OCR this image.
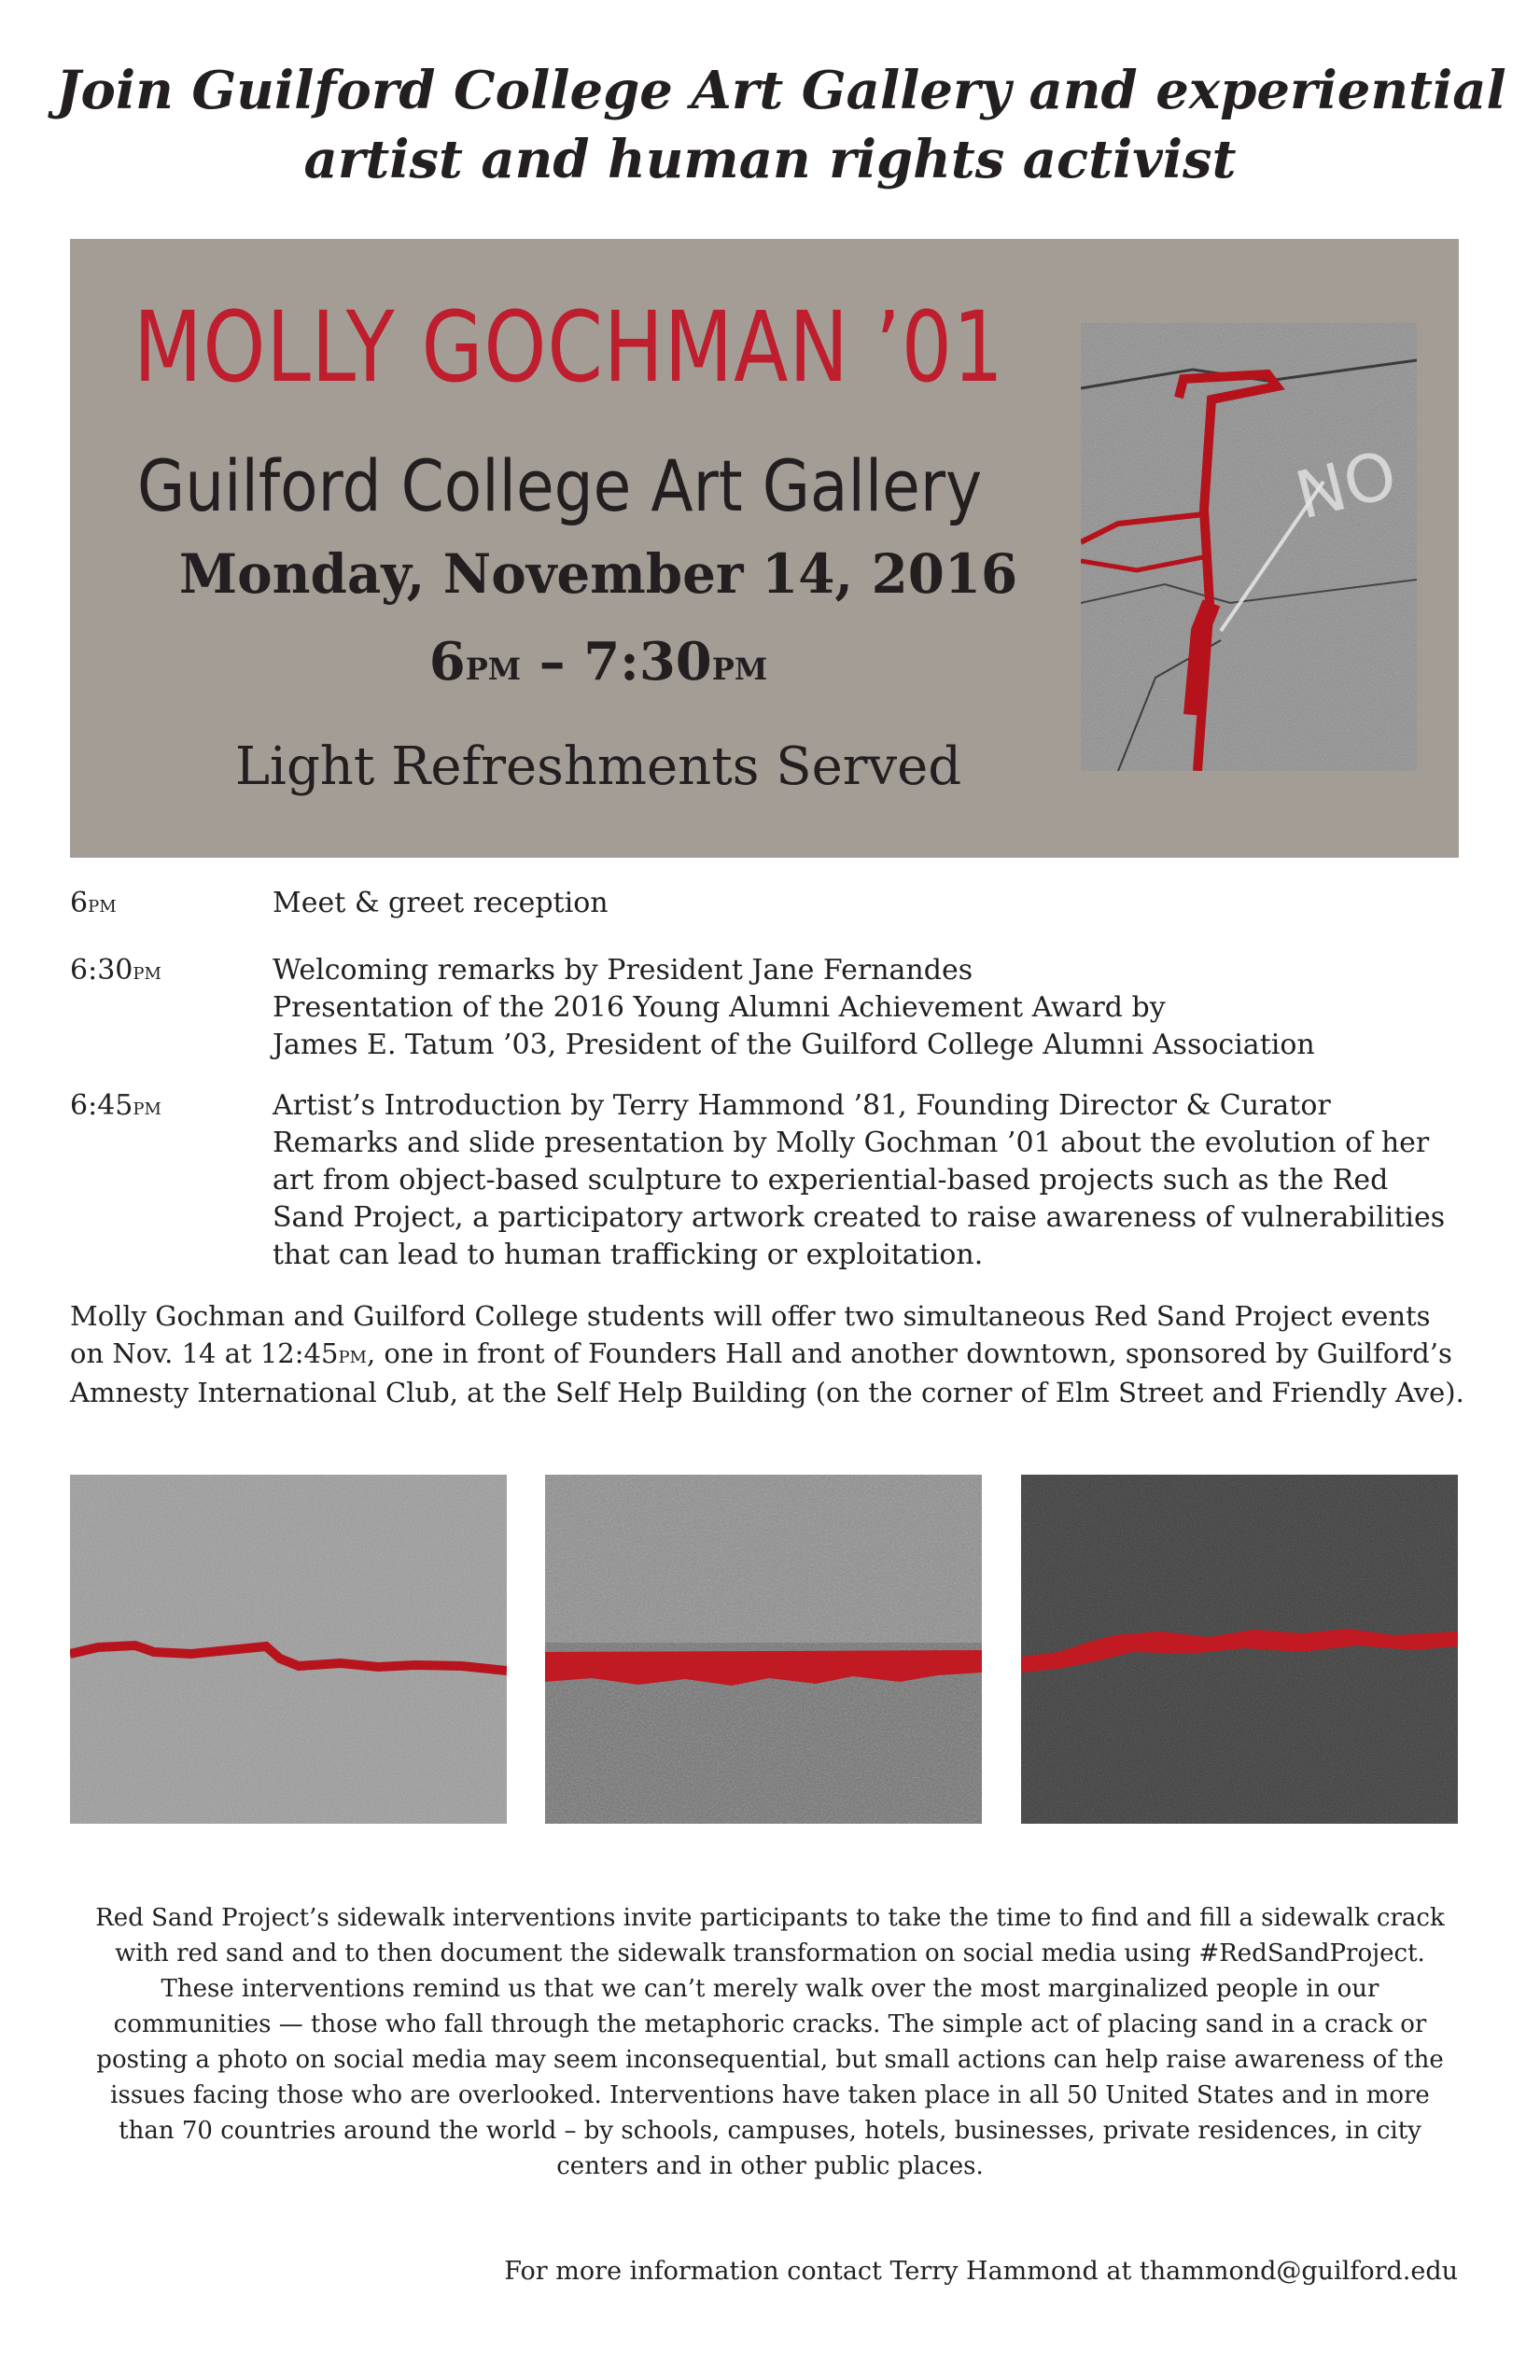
Join Guilford College Art Gallery and experiential
artist and human rights activist
MOLLY GOCHMAN ’01
Guilford College Art Gallery
Monday, November 14, 2016
6pm – 7:30pm
Light Refreshments Served
NO
6pm	Meet & greet reception
6:30pm	Welcoming remarks by President Jane Fernandes
Presentation of the 2016 Young Alumni Achievement Award by
James E. Tatum ’03, President of the Guilford College Alumni Association
6:45pm	Artist’s Introduction by Terry Hammond ’81, Founding Director & Curator
Remarks and slide presentation by Molly Gochman ’01 about the evolution of her
art from object-based sculpture to experiential-based projects such as the Red
Sand Project, a participatory artwork created to raise awareness of vulnerabilities
that can lead to human trafficking or exploitation.

Molly Gochman and Guilford College students will offer two simultaneous Red Sand Project events
on Nov. 14 at 12:45pm, one in front of Founders Hall and another downtown, sponsored by Guilford’s
Amnesty International Club, at the Self Help Building (on the corner of Elm Street and Friendly Ave).

Red Sand Project’s sidewalk interventions invite participants to take the time to find and fill a sidewalk crack
with red sand and to then document the sidewalk transformation on social media using #RedSandProject.
These interventions remind us that we can’t merely walk over the most marginalized people in our
communities — those who fall through the metaphoric cracks. The simple act of placing sand in a crack or
posting a photo on social media may seem inconsequential, but small actions can help raise awareness of the
issues facing those who are overlooked. Interventions have taken place in all 50 United States and in more
than 70 countries around the world – by schools, campuses, hotels, businesses, private residences, in city
centers and in other public places.

For more information contact Terry Hammond at thammond@guilford.edu
